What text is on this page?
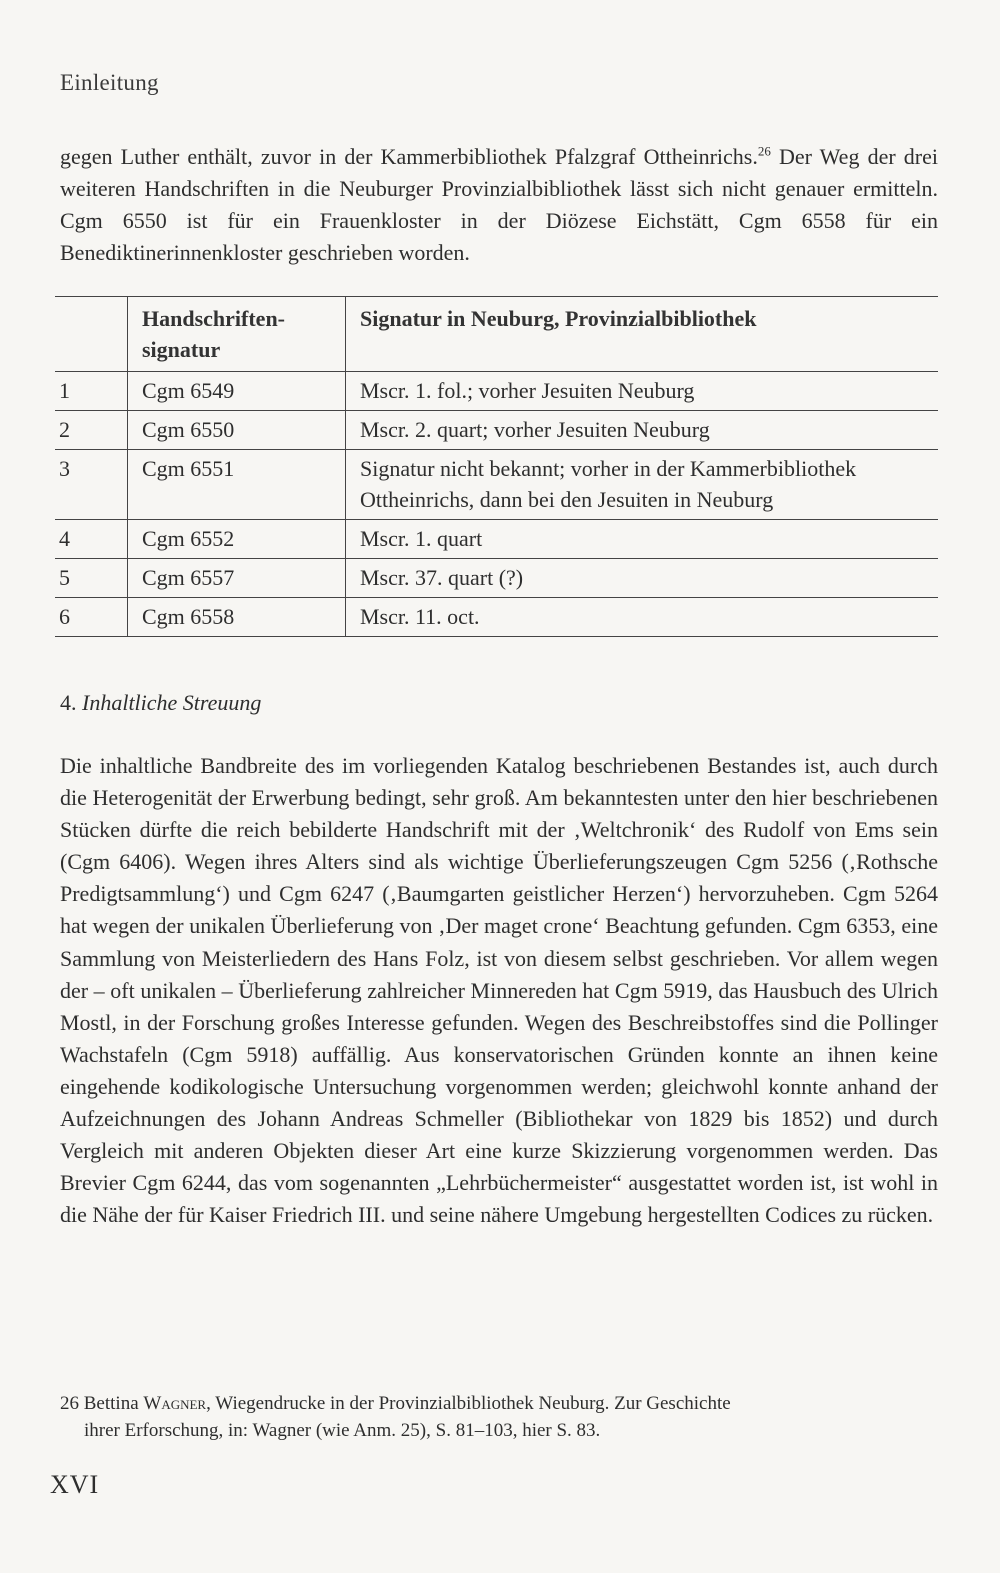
Einleitung
gegen Luther enthält, zuvor in der Kammerbibliothek Pfalzgraf Ottheinrichs.$^{26}$ Der Weg der drei weiteren Handschriften in die Neuburger Provinzialbibliothek lässt sich nicht genauer ermitteln. Cgm 6550 ist für ein Frauenkloster in der Diözese Eichstätt, Cgm 6558 für ein Benediktinerinnenkloster geschrieben worden.
	Handschriften-signatur	Signatur in Neuburg, Provinzialbibliothek
1	Cgm 6549	Mscr. 1. fol.; vorher Jesuiten Neuburg
2	Cgm 6550	Mscr. 2. quart; vorher Jesuiten Neuburg
3	Cgm 6551	Signatur nicht bekannt; vorher in der Kammerbibliothek Ottheinrichs, dann bei den Jesuiten in Neuburg
4	Cgm 6552	Mscr. 1. quart
5	Cgm 6557	Mscr. 37. quart (?)
6	Cgm 6558	Mscr. 11. oct.
4. Inhaltliche Streuung
Die inhaltliche Bandbreite des im vorliegenden Katalog beschriebenen Bestandes ist, auch durch die Heterogenität der Erwerbung bedingt, sehr groß. Am bekanntesten unter den hier beschriebenen Stücken dürfte die reich bebilderte Handschrift mit der ‚Weltchronik‘ des Rudolf von Ems sein (Cgm 6406). Wegen ihres Alters sind als wichtige Überlieferungszeugen Cgm 5256 (‚Rothsche Predigtsammlung‘) und Cgm 6247 (‚Baumgarten geistlicher Herzen‘) hervorzuheben. Cgm 5264 hat wegen der unikalen Überlieferung von ‚Der maget crone‘ Beachtung gefunden. Cgm 6353, eine Sammlung von Meisterliedern des Hans Folz, ist von diesem selbst geschrieben. Vor allem wegen der – oft unikalen – Überlieferung zahlreicher Minnereden hat Cgm 5919, das Hausbuch des Ulrich Mostl, in der Forschung großes Interesse gefunden. Wegen des Beschreibstoffes sind die Pollinger Wachstafeln (Cgm 5918) auffällig. Aus konservatorischen Gründen konnte an ihnen keine eingehende kodikologische Untersuchung vorgenommen werden; gleichwohl konnte anhand der Aufzeichnungen des Johann Andreas Schmeller (Bibliothekar von 1829 bis 1852) und durch Vergleich mit anderen Objekten dieser Art eine kurze Skizzierung vorgenommen werden. Das Brevier Cgm 6244, das vom sogenannten „Lehrbüchermeister“ ausgestattet worden ist, ist wohl in die Nähe der für Kaiser Friedrich III. und seine nähere Umgebung hergestellten Codices zu rücken.
26 Bettina Wagner, Wiegendrucke in der Provinzialbibliothek Neuburg. Zur Geschichte
ihrer Erforschung, in: Wagner (wie Anm. 25), S. 81–103, hier S. 83.
XVI
